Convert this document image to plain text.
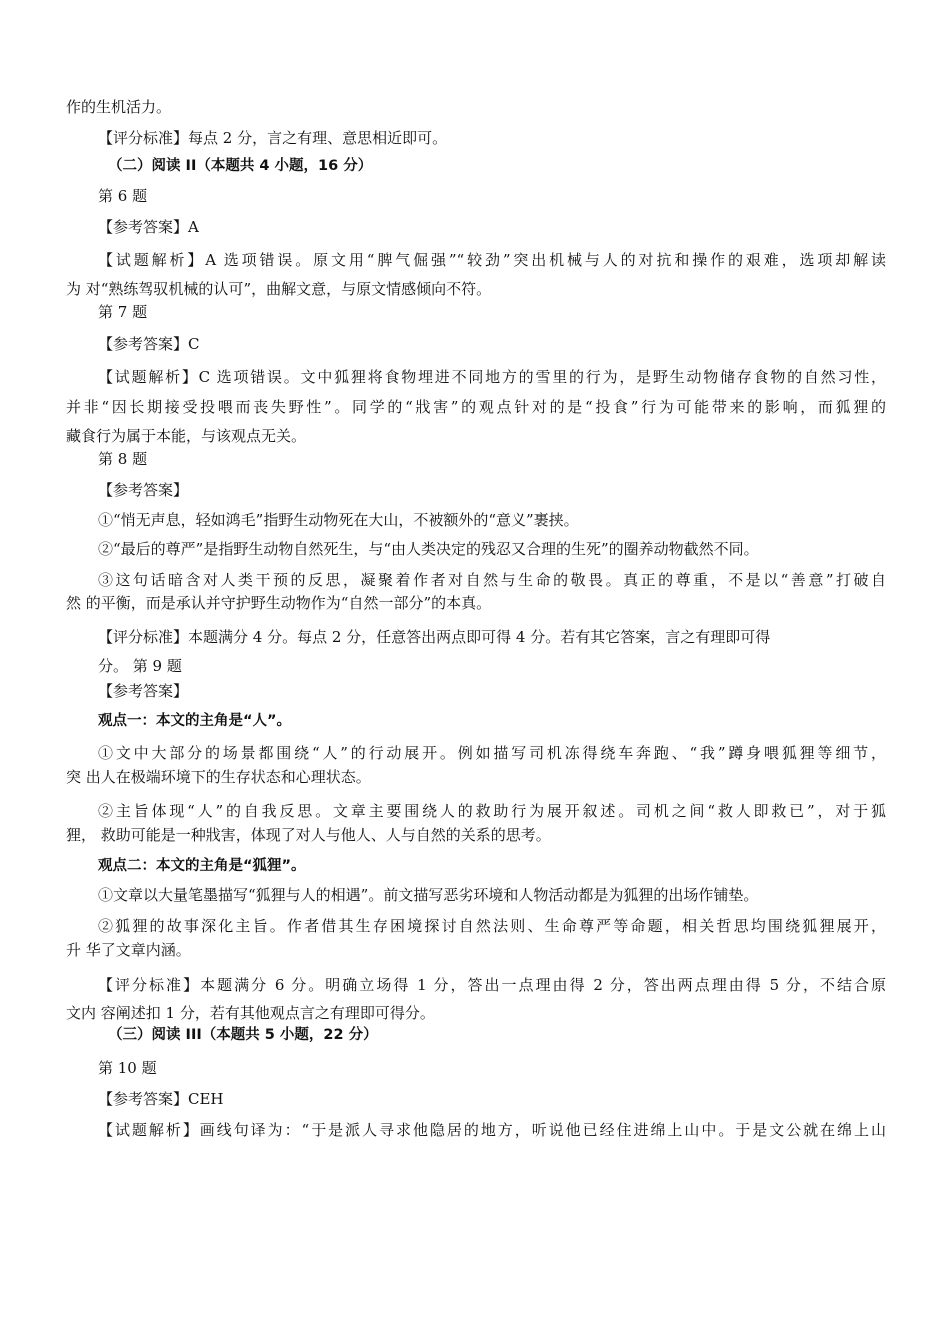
作的生机活力。
【评分标准】每点 2 分，言之有理、意思相近即可。
（二）阅读 II（本题共 4 小题，16 分）
第 6 题
【参考答案】A
【试题解析】A 选项错误。原文用“脾气倔强”“较劲”突出机械与人的对抗和操作的艰难，选项却解读
为 对“熟练驾驭机械的认可”，曲解文意，与原文情感倾向不符。
第 7 题
【参考答案】C
【试题解析】C 选项错误。文中狐狸将食物埋进不同地方的雪里的行为，是野生动物储存食物的自然习性，
并非“因长期接受投喂而丧失野性”。同学的“戕害”的观点针对的是“投食”行为可能带来的影响，而狐狸的
藏食行为属于本能，与该观点无关。
第 8 题
【参考答案】
①“悄无声息，轻如鸿毛”指野生动物死在大山，不被额外的“意义”裹挟。
②“最后的尊严”是指野生动物自然死生，与“由人类决定的残忍又合理的生死”的圈养动物截然不同。
③这句话暗含对人类干预的反思，凝聚着作者对自然与生命的敬畏。真正的尊重，不是以“善意”打破自
然 的平衡，而是承认并守护野生动物作为“自然一部分”的本真。
【评分标准】本题满分 4 分。每点 2 分，任意答出两点即可得 4 分。若有其它答案，言之有理即可得
分。 第 9 题
【参考答案】
观点一：本文的主角是“人”。
①文中大部分的场景都围绕“人”的行动展开。例如描写司机冻得绕车奔跑、“我”蹲身喂狐狸等细节，
突 出人在极端环境下的生存状态和心理状态。
②主旨体现“人”的自我反思。文章主要围绕人的救助行为展开叙述。司机之间“救人即救已”，对于狐
狸， 救助可能是一种戕害，体现了对人与他人、人与自然的关系的思考。
观点二：本文的主角是“狐狸”。
①文章以大量笔墨描写“狐狸与人的相遇”。前文描写恶劣环境和人物活动都是为狐狸的出场作铺垫。
②狐狸的故事深化主旨。作者借其生存困境探讨自然法则、生命尊严等命题，相关哲思均围绕狐狸展开，
升 华了文章内涵。
【评分标准】本题满分 6 分。明确立场得 1 分，答出一点理由得 2 分，答出两点理由得 5 分，不结合原
文内 容阐述扣 1 分，若有其他观点言之有理即可得分。
（三）阅读 III（本题共 5 小题，22 分）
第 10 题
【参考答案】CEH
【试题解析】画线句译为：“于是派人寻求他隐居的地方，听说他已经住进绵上山中。于是文公就在绵上山
